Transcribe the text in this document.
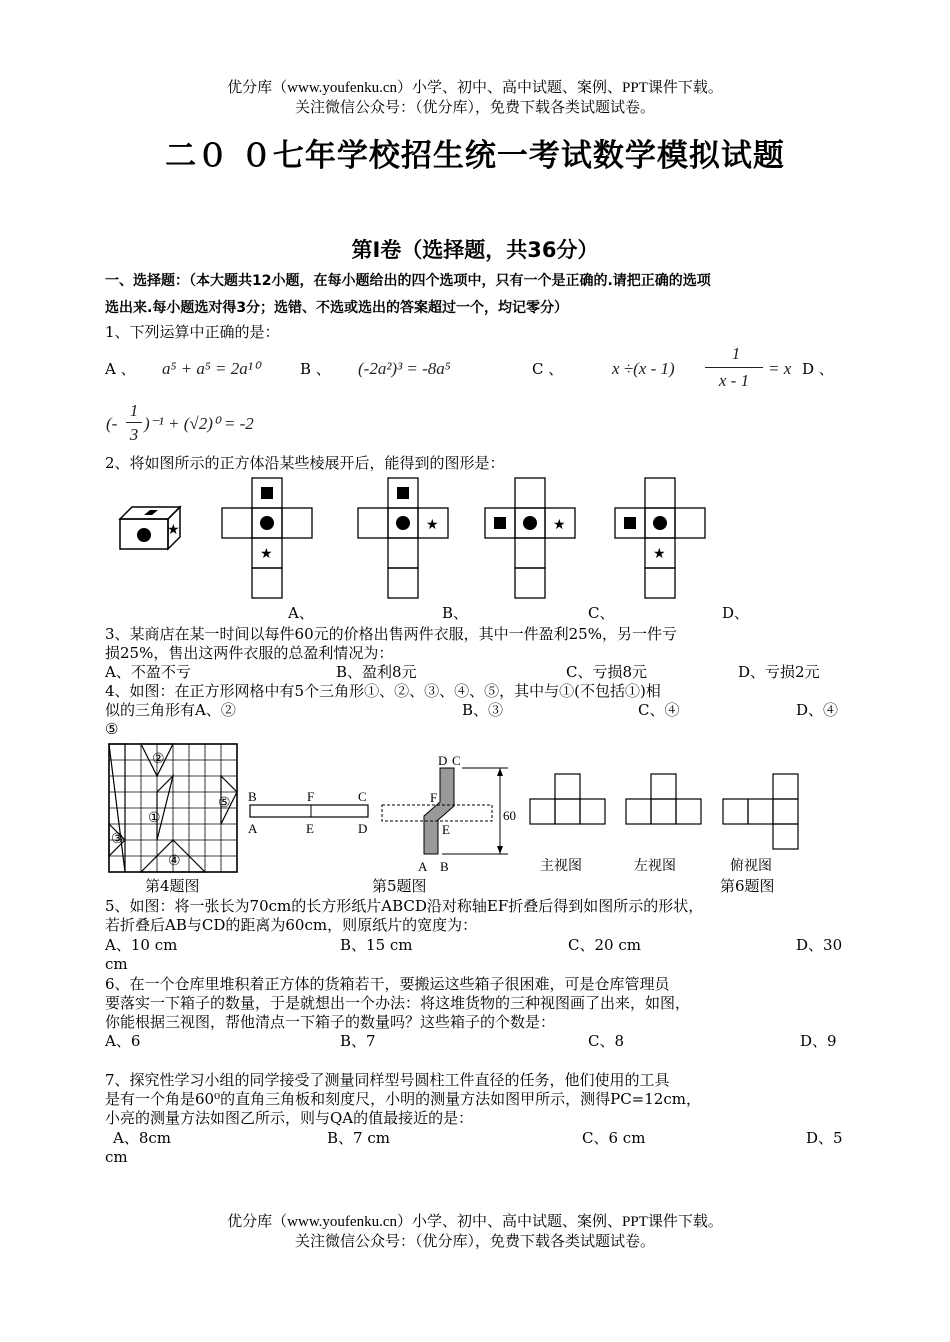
优分库（www.youfenku.cn）小学、初中、高中试题、案例、PPT课件下载。
关注微信公众号：（优分库），免费下载各类试题试卷。
二０ ０七年学校招生统一考试数学模拟试题
第Ⅰ卷（选择题，共36分）
一、选择题：（本大题共12小题，在每小题给出的四个选项中，只有一个是正确的.请把正确的选项
选出来.每小题选对得3分；选错、不选或选出的答案超过一个，均记零分）
1、下列运算中正确的是：
A 、 a⁵ + a⁵ = 2a¹⁰	B 、 (-2a²)³ = -8a⁵	C 、	x ÷(x - 1)
1
x - 1
= x D 、
(-
1
3
)⁻¹ + (√2)⁰ = -2
2、将如图所示的正方体沿某些棱展开后，能得到的图形是：
★
★
★	★
★
A、	B、	C、	D、
3、某商店在某一时间以每件60元的价格出售两件衣服，其中一件盈利25%，另一件亏
损25%，售出这两件衣服的总盈利情况为：
A、不盈不亏	B、盈利8元	C、亏损8元	D、亏损2元
4、如图：在正方形网格中有5个三角形①、②、③、④、⑤，其中与①(不包括①)相
似的三角形有A、②	B、③	C、④	D、④
⑤
②
⑤
①
③
④
B	F	C
A	E	D
D C
F
E
A B
60
主视图	左视图	俯视图
第4题图	第5题图	第6题图
5、如图：将一张长为70cm的长方形纸片ABCD沿对称轴EF折叠后得到如图所示的形状，
若折叠后AB与CD的距离为60cm，则原纸片的宽度为：
A、10 cm	B、15 cm	C、20 cm	D、30
cm
6、在一个仓库里堆积着正方体的货箱若干，要搬运这些箱子很困难，可是仓库管理员
要落实一下箱子的数量，于是就想出一个办法：将这堆货物的三种视图画了出来，如图，
你能根据三视图，帮他清点一下箱子的数量吗？这些箱子的个数是：
A、6	B、7	C、8	D、9
7、探究性学习小组的同学接受了测量同样型号圆柱工件直径的任务，他们使用的工具
是有一个角是60⁰的直角三角板和刻度尺，小明的测量方法如图甲所示，测得PC=12cm，
小亮的测量方法如图乙所示，则与QA的值最接近的是：
A、8cm	B、7 cm	C、6 cm	D、5
cm
优分库（www.youfenku.cn）小学、初中、高中试题、案例、PPT课件下载。
关注微信公众号：（优分库），免费下载各类试题试卷。
